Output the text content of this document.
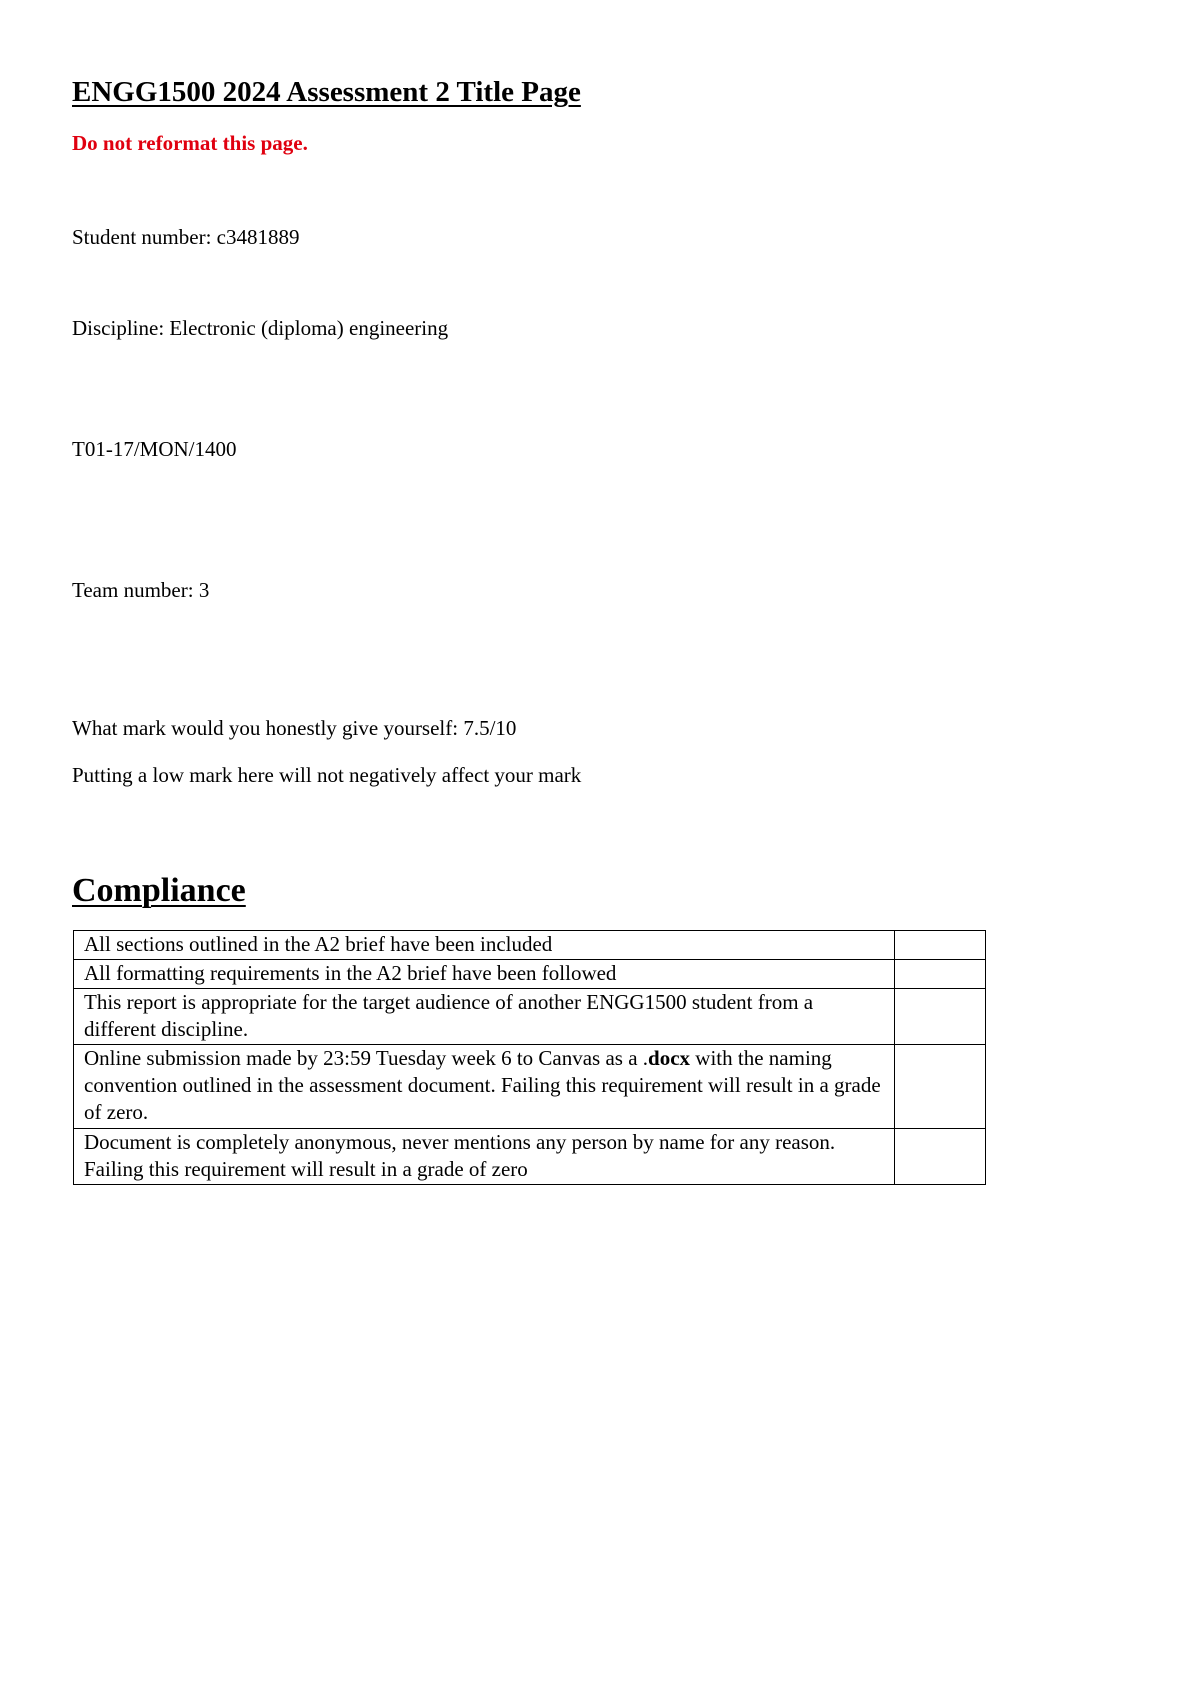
ENGG1500 2024 Assessment 2 Title Page
Do not reformat this page.
Student number: c3481889
Discipline: Electronic (diploma) engineering
T01-17/MON/1400
Team number: 3
What mark would you honestly give yourself: 7.5/10
Putting a low mark here will not negatively affect your mark
Compliance
All sections outlined in the A2 brief have been included	
All formatting requirements in the A2 brief have been followed	
This report is appropriate for the target audience of another ENGG1500 student from a different discipline.	
Online submission made by 23:59 Tuesday week 6 to Canvas as a .docx with the naming convention outlined in the assessment document. Failing this requirement will result in a grade of zero.	
Document is completely anonymous, never mentions any person by name for any reason. Failing this requirement will result in a grade of zero	
